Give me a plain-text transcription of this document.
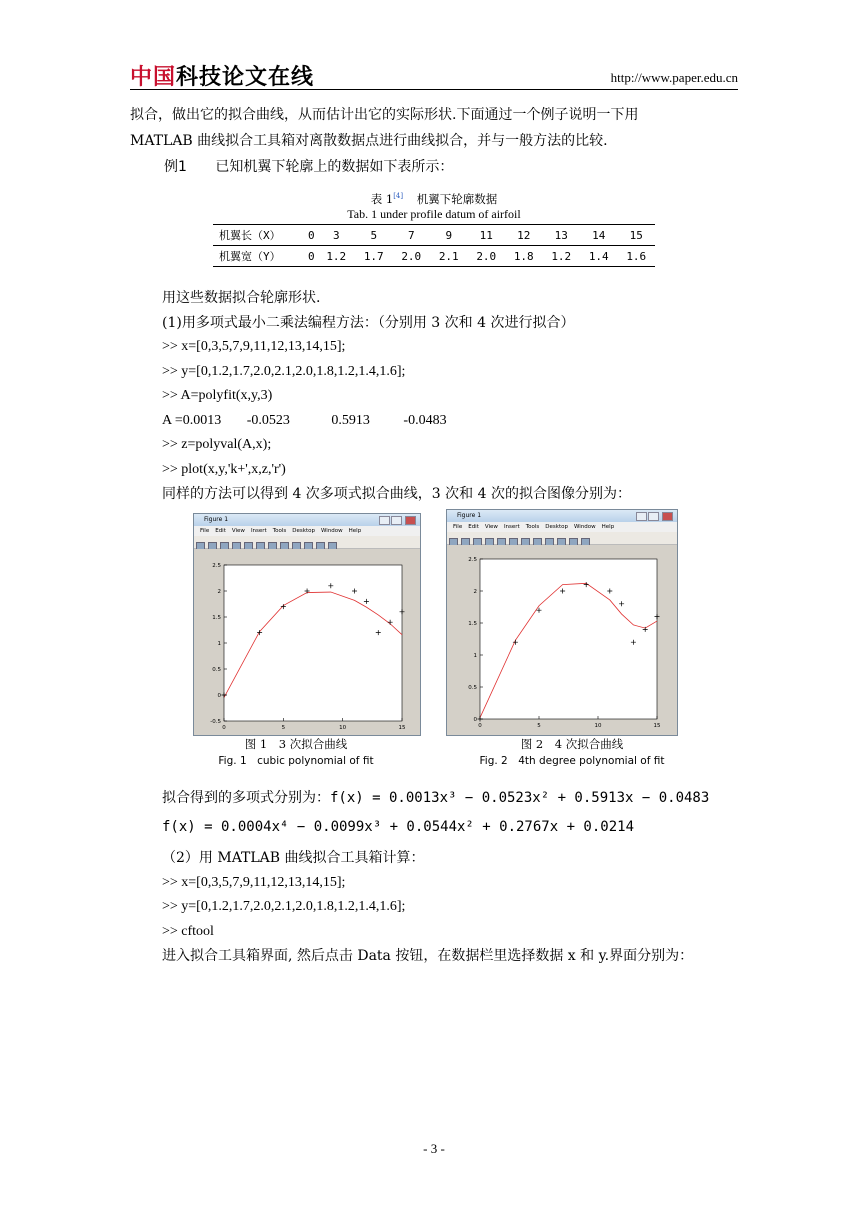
中国科技论文在线	http://www.paper.edu.cn
拟合，做出它的拟合曲线，从而估计出它的实际形状.下面通过一个例子说明一下用
MATLAB 曲线拟合工具箱对离散数据点进行曲线拟合，并与一般方法的比较.
例1 已知机翼下轮廓上的数据如下表所示：
表 1[4] 机翼下轮廓数据
Tab. 1 under profile datum of airfoil
机翼长（X）	0	3	5	7	9	11	12	13	14	15
机翼宽（Y）	0	1.2	1.7	2.0	2.1	2.0	1.8	1.2	1.4	1.6
用这些数据拟合轮廓形状.
(1)用多项式最小二乘法编程方法：（分别用 3 次和 4 次进行拟合）
>> x=[0,3,5,7,9,11,12,13,14,15];
>> y=[0,1.2,1.7,2.0,2.1,2.0,1.8,1.2,1.4,1.6];
>> A=polyfit(x,y,3)
A =0.0013 -0.0523	0.5913 -0.0483
>> z=polyval(A,x);
>> plot(x,y,'k+',x,z,'r')
同样的方法可以得到 4 次多项式拟合曲线，3 次和 4 次的拟合图像分别为：
Figure 1
File Edit View Insert Tools Desktop Window Help
0	5	10	15
-0.5
0
0.5
1
1.5
2
2.5
Figure 1
File Edit View Insert Tools Desktop Window Help
0	5	10	15
0
0.5
1
1.5
2
2.5
图 1　3 次拟合曲线
Fig. 1　cubic polynomial of fit
图 2　4 次拟合曲线
Fig. 2　4th degree polynomial of fit
拟合得到的多项式分别为：f(x) = 0.0013x³ − 0.0523x² + 0.5913x − 0.0483
f(x) = 0.0004x⁴ − 0.0099x³ + 0.0544x² + 0.2767x + 0.0214
（2）用 MATLAB 曲线拟合工具箱计算：
>> x=[0,3,5,7,9,11,12,13,14,15];
>> y=[0,1.2,1.7,2.0,2.1,2.0,1.8,1.2,1.4,1.6];
>> cftool
进入拟合工具箱界面, 然后点击 Data 按钮，在数据栏里选择数据 x 和 y.界面分别为：
- 3 -
